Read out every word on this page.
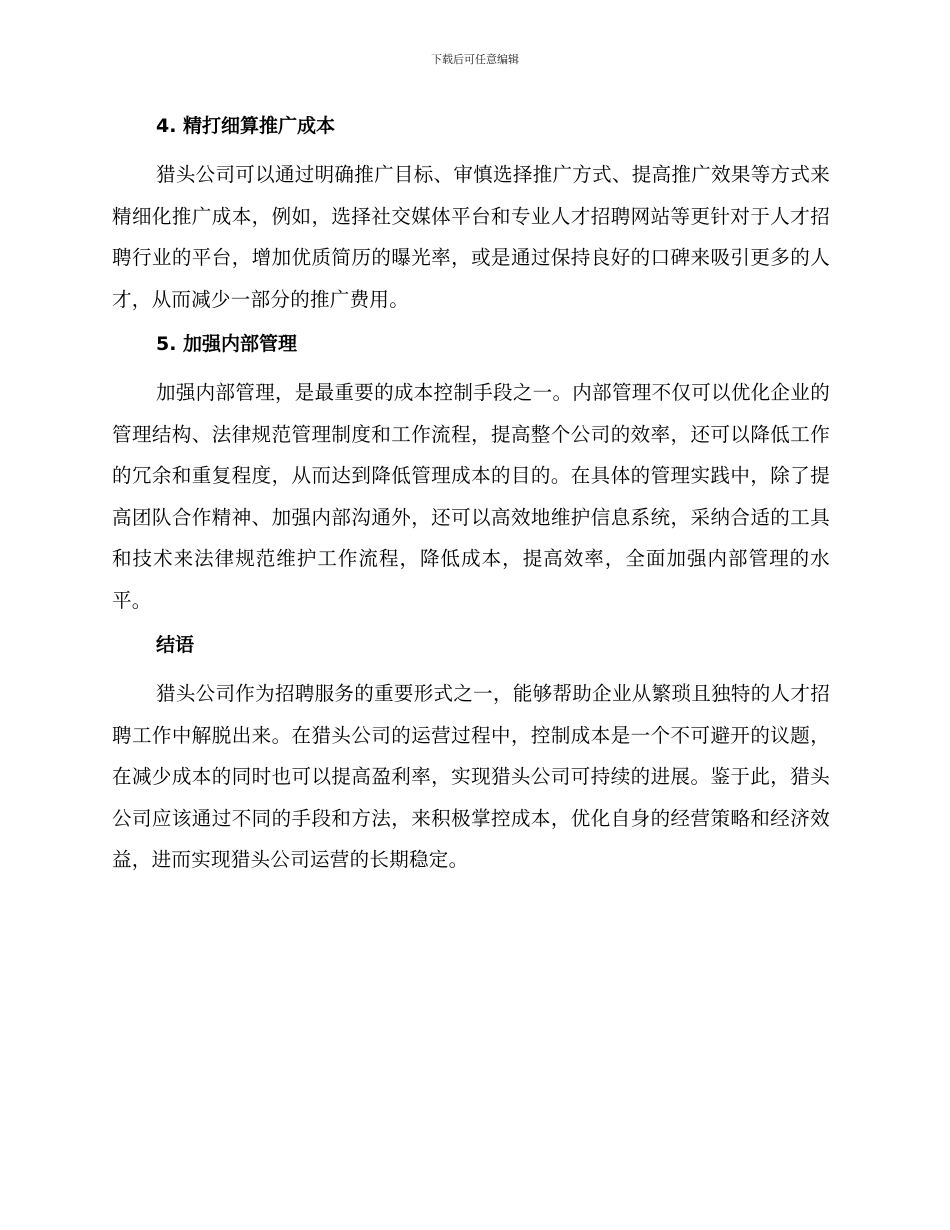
下载后可任意编辑
4. 精打细算推广成本

猎头公司可以通过明确推广目标、审慎选择推广方式、提高推广效果等方式来精细化推广成本，例如，选择社交媒体平台和专业人才招聘网站等更针对于人才招聘行业的平台，增加优质简历的曝光率，或是通过保持良好的口碑来吸引更多的人才，从而减少一部分的推广费用。

5. 加强内部管理

加强内部管理，是最重要的成本控制手段之一。内部管理不仅可以优化企业的管理结构、法律规范管理制度和工作流程，提高整个公司的效率，还可以降低工作的冗余和重复程度，从而达到降低管理成本的目的。在具体的管理实践中，除了提高团队合作精神、加强内部沟通外，还可以高效地维护信息系统，采纳合适的工具和技术来法律规范维护工作流程，降低成本，提高效率，全面加强内部管理的水平。

结语

猎头公司作为招聘服务的重要形式之一，能够帮助企业从繁琐且独特的人才招聘工作中解脱出来。在猎头公司的运营过程中，控制成本是一个不可避开的议题，在减少成本的同时也可以提高盈利率，实现猎头公司可持续的进展。鉴于此，猎头公司应该通过不同的手段和方法，来积极掌控成本，优化自身的经营策略和经济效益，进而实现猎头公司运营的长期稳定。
